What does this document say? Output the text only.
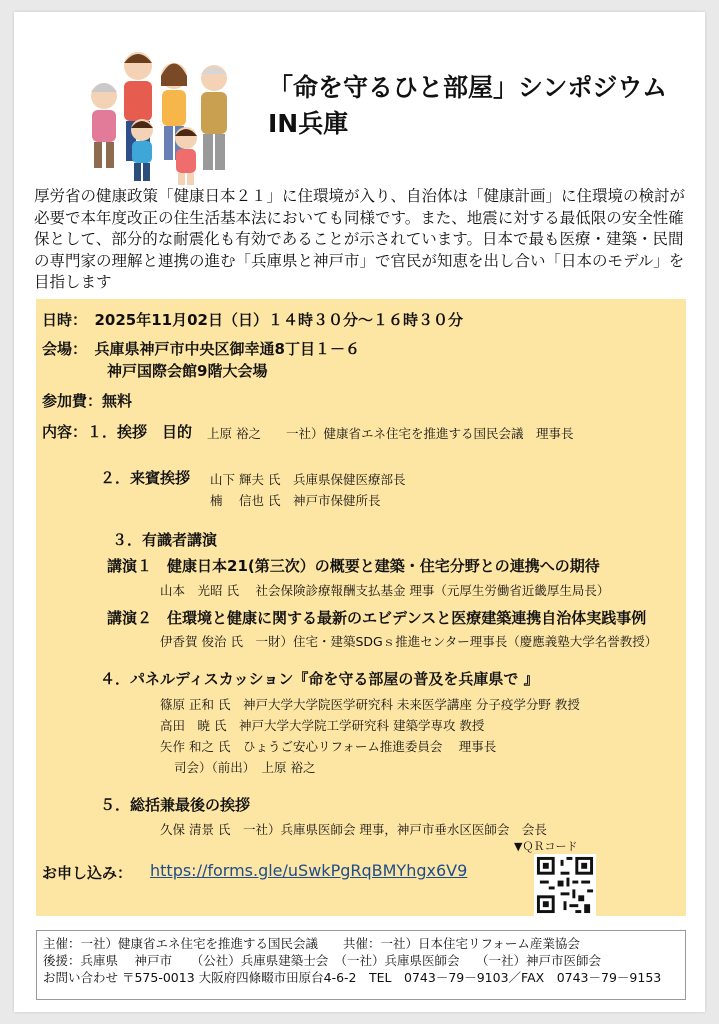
「命を守るひと部屋」シンポジウム
IN兵庫
厚労省の健康政策「健康日本２１」に住環境が入り、自治体は「健康計画」に住環境の検討が必要で本年度改正の住生活基本法においても同様です。また、地震に対する最低限の安全性確保として、部分的な耐震化も有効であることが示されています。日本で最も医療・建築・民間の専門家の理解と連携の進む「兵庫県と神戸市」で官民が知恵を出し合い「日本のモデル」を目指します
日時：　2025年11月02日（日）１４時３０分～１６時３０分
会場：　兵庫県神戸市中央区御幸通8丁目１－６
神戸国際会館9階大会場
参加費：無料
内容：１．挨拶　目的 上原 裕之　　一社）健康省エネ住宅を推進する国民会議　理事長
２．来賓挨拶 山下 輝夫 氏　兵庫県保健医療部長
楠　 信也 氏　神戸市保健所長
３．有識者講演
講演１　健康日本21(第三次）の概要と建築・住宅分野との連携への期待
山本　光昭 氏　 社会保険診療報酬支払基金 理事（元厚生労働省近畿厚生局長）
講演２　住環境と健康に関する最新のエビデンスと医療建築連携自治体実践事例
伊香賀 俊治 氏　一財）住宅・建築SDGｓ推進センター理事長（慶應義塾大学名誉教授）
４．パネルディスカッション『命を守る部屋の普及を兵庫県で 』
篠原 正和 氏　神戸大学大学院医学研究科 未来医学講座 分子疫学分野 教授
高田　暁 氏　神戸大学大学院工学研究科 建築学専攻 教授
矢作 和之 氏　ひょうご安心リフォーム推進委員会　 理事長
司会）（前出）　上原 裕之
５．総括兼最後の挨拶
久保 清景 氏　一社）兵庫県医師会 理事，神戸市垂水区医師会　会長
▼ＱＲコード
お申し込み： https://forms.gle/uSwkPgRqBMYhgx6V9
主催：一社）健康省エネ住宅を推進する国民会議　　共催：一社）日本住宅リフォーム産業協会
後援：兵庫県　 神戸市　　（公社）兵庫県建築士会　（一社）兵庫県医師会　 （一社）神戸市医師会
お問い合わせ 〒575-0013 大阪府四條畷市田原台4-6-2　TEL　0743－79－9103／FAX　0743－79－9153
